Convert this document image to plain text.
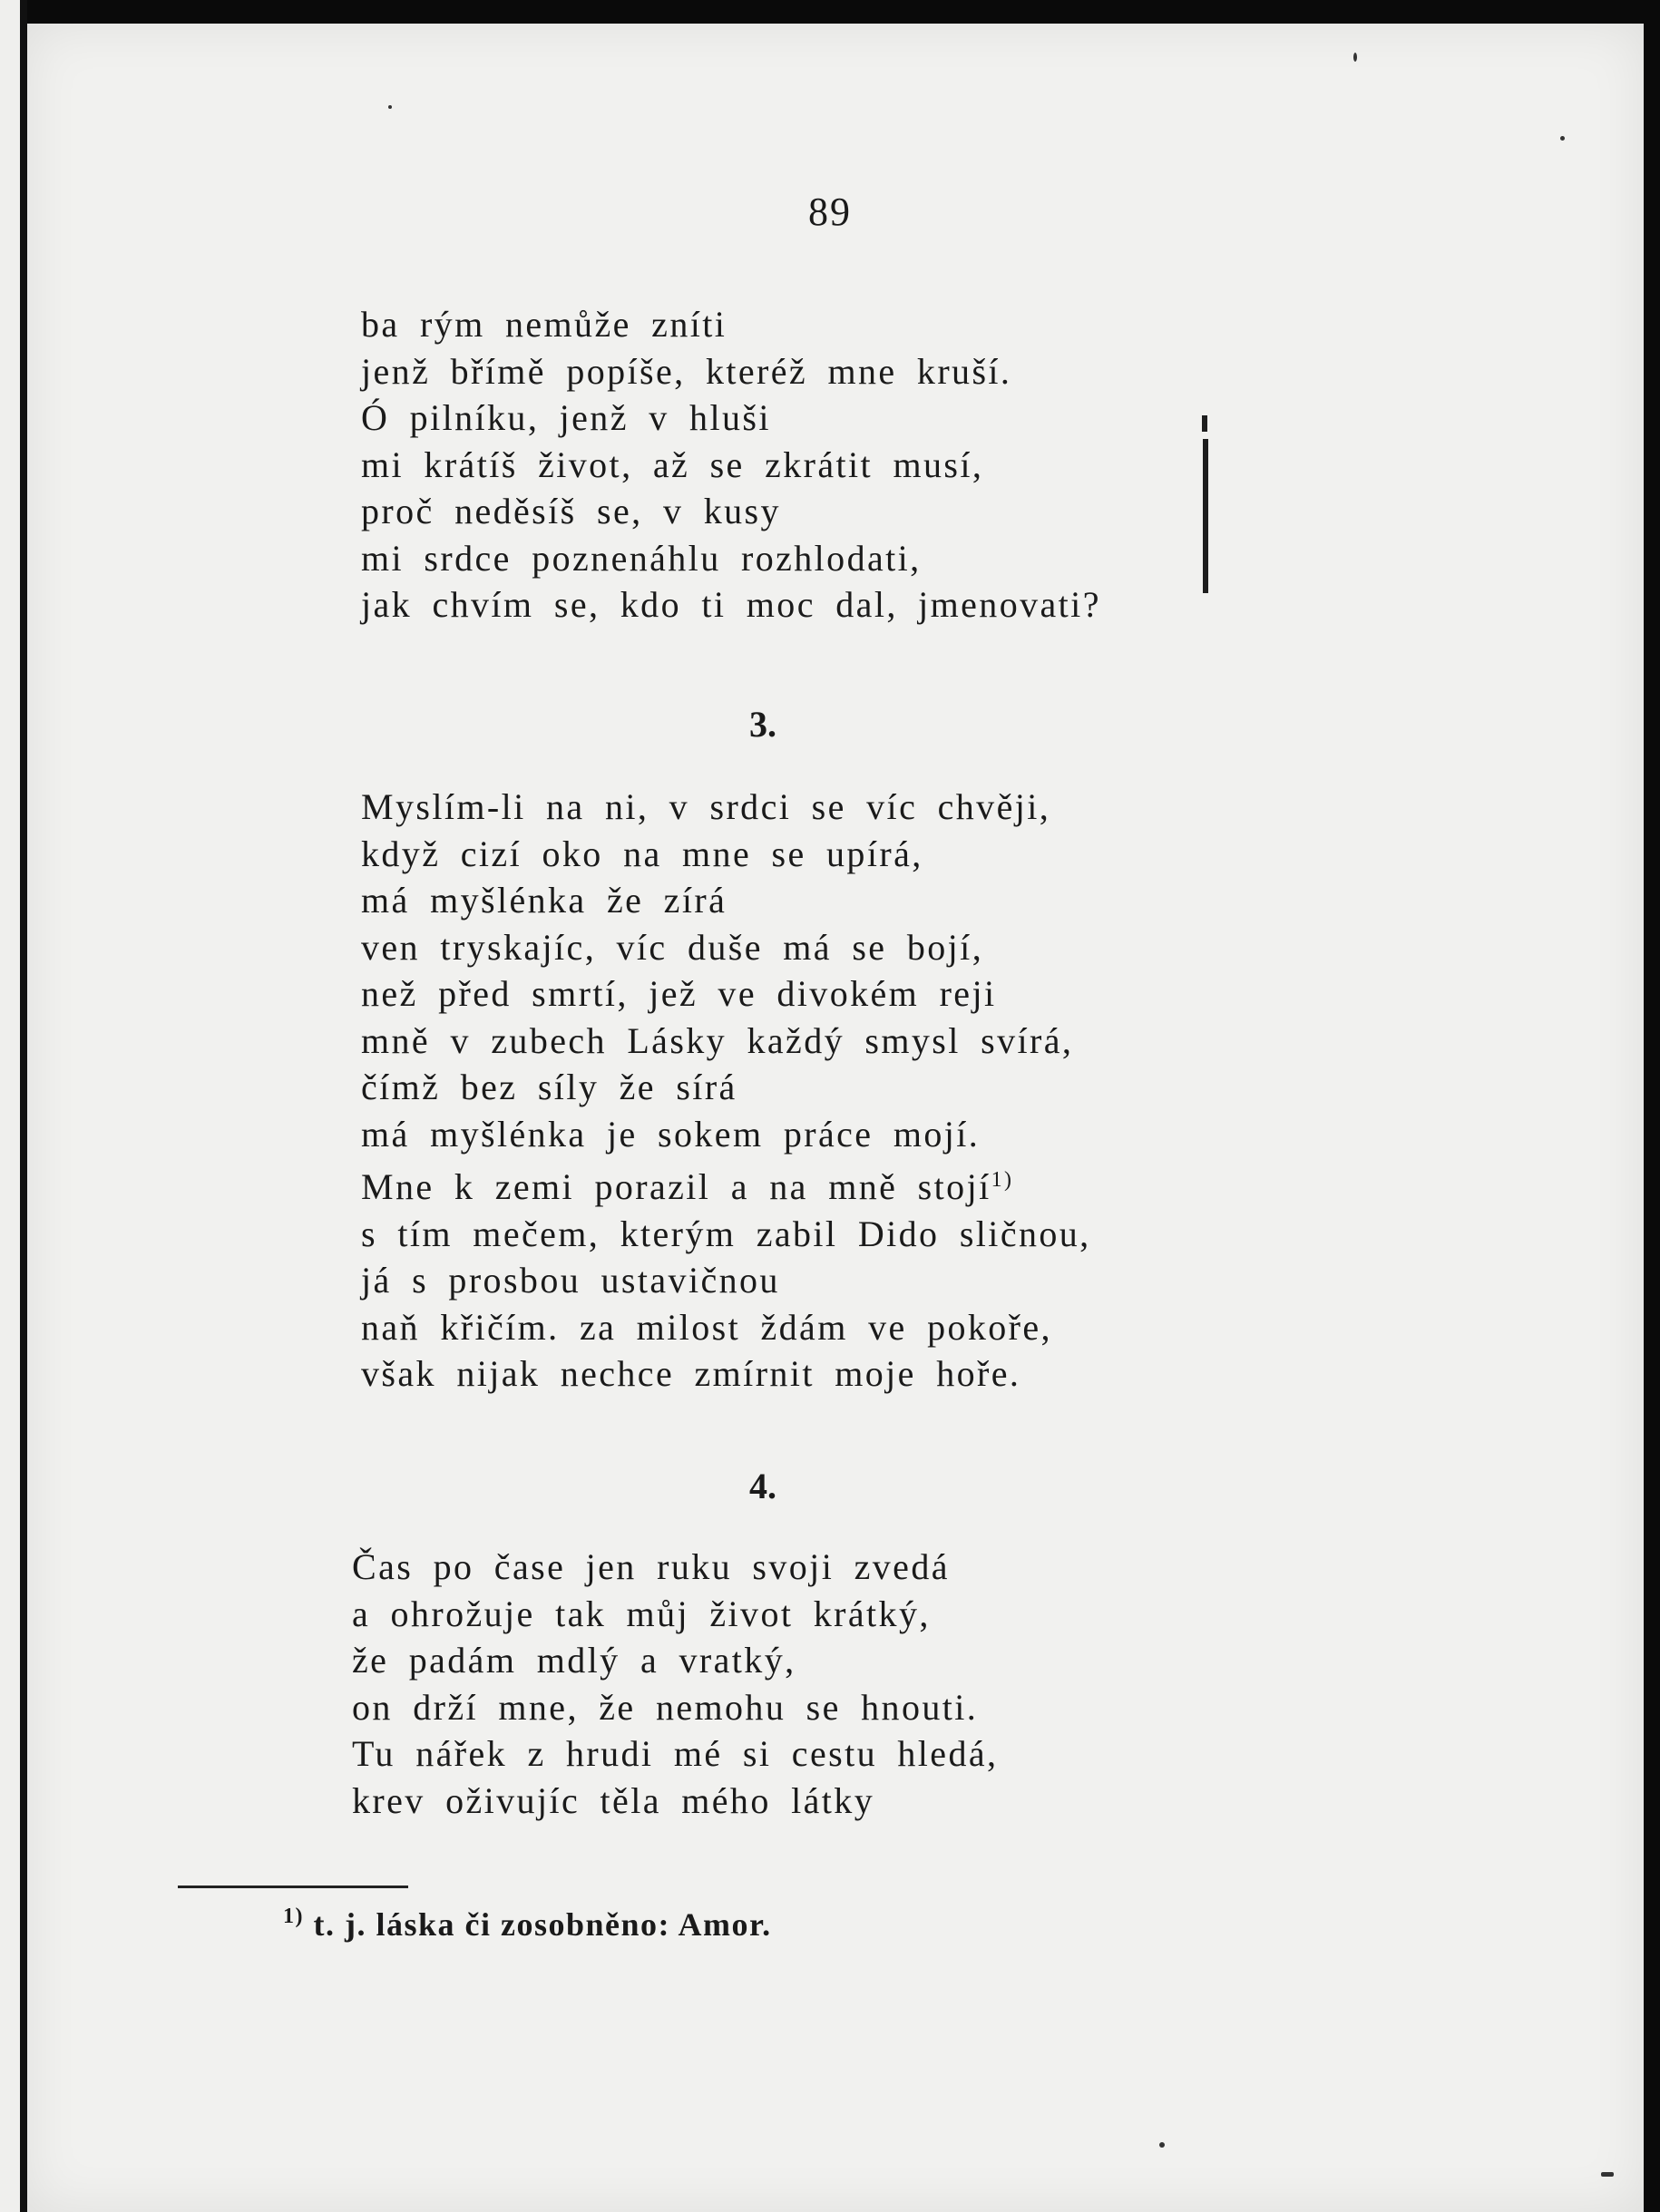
89
ba rým nemůže zníti
jenž břímě popíše, kteréž mne kruší.
Ó pilníku, jenž v hluši
mi krátíš život, až se zkrátit musí,
proč neděsíš se, v kusy
mi srdce poznenáhlu rozhlodati,
jak chvím se, kdo ti moc dal, jmenovati?
3.
Myslím-li na ni, v srdci se víc chvěji,
když cizí oko na mne se upírá,
má myšlénka že zírá
ven tryskajíc, víc duše má se bojí,
než před smrtí, jež ve divokém reji
mně v zubech Lásky každý smysl svírá,
čímž bez síly že sírá
má myšlénka je sokem práce mojí.
Mne k zemi porazil a na mně stojí$^{1)}$
s tím mečem, kterým zabil Dido sličnou,
já s prosbou ustavičnou
naň křičím. za milost ždám ve pokoře,
však nijak nechce zmírnit moje hoře.
4.
Čas po čase jen ruku svoji zvedá
a ohrožuje tak můj život krátký,
že padám mdlý a vratký,
on drží mne, že nemohu se hnouti.
Tu nářek z hrudi mé si cestu hledá,
krev oživujíc těla mého látky
$^{1)}$ t. j. láska či zosobněno: Amor.
